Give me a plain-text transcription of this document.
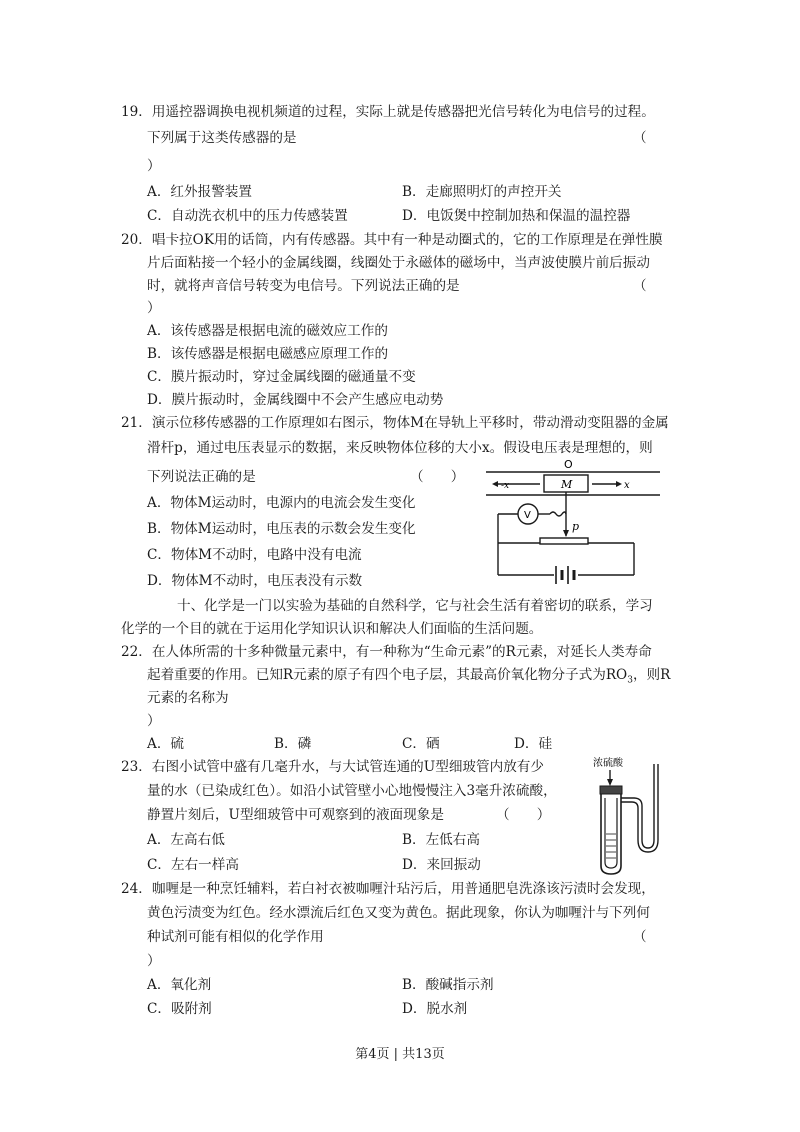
19．用遥控器调换电视机频道的过程，实际上就是传感器把光信号转化为电信号的过程。
下列属于这类传感器的是	（
）
A．红外报警装置	B．走廊照明灯的声控开关
C．自动洗衣机中的压力传感装置	D．电饭煲中控制加热和保温的温控器
20．唱卡拉OK用的话筒，内有传感器。其中有一种是动圈式的，它的工作原理是在弹性膜
片后面粘接一个轻小的金属线圈，线圈处于永磁体的磁场中，当声波使膜片前后振动
时，就将声音信号转变为电信号。下列说法正确的是	（
）
A．该传感器是根据电流的磁效应工作的
B．该传感器是根据电磁感应原理工作的
C．膜片振动时，穿过金属线圈的磁通量不变
D．膜片振动时，金属线圈中不会产生感应电动势
21．演示位移传感器的工作原理如右图示，物体M在导轨上平移时，带动滑动变阻器的金属
滑杆p，通过电压表显示的数据，来反映物体位移的大小x。假设电压表是理想的，则
下列说法正确的是	（　　）
A．物体M运动时，电源内的电流会发生变化
B．物体M运动时，电压表的示数会发生变化
C．物体M不动时，电路中没有电流
D．物体M不动时，电压表没有示数
O
-x	x
M
V
p
十、化学是一门以实验为基础的自然科学，它与社会生活有着密切的联系，学习
化学的一个目的就在于运用化学知识认识和解决人们面临的生活问题。
22．在人体所需的十多种微量元素中，有一种称为“生命元素”的R元素，对延长人类寿命
起着重要的作用。已知R元素的原子有四个电子层，其最高价氧化物分子式为$RO_3$，则R
元素的名称为
）
A．硫	B．磷	C．硒	D．硅
23．右图小试管中盛有几毫升水，与大试管连通的U型细玻管内放有少
量的水（已染成红色）。如沿小试管壁小心地慢慢注入3毫升浓硫酸，
静置片刻后，U型细玻管中可观察到的液面现象是	（　　）
A．左高右低	B．左低右高
C．左右一样高	D．来回振动
浓硫酸
24．咖喱是一种烹饪辅料，若白衬衣被咖喱汁玷污后，用普通肥皂洗涤该污渍时会发现，
黄色污渍变为红色。经水漂流后红色又变为黄色。据此现象，你认为咖喱汁与下列何
种试剂可能有相似的化学作用	（
）
A．氧化剂	B．酸碱指示剂
C．吸附剂	D．脱水剂
第4页 | 共13页
